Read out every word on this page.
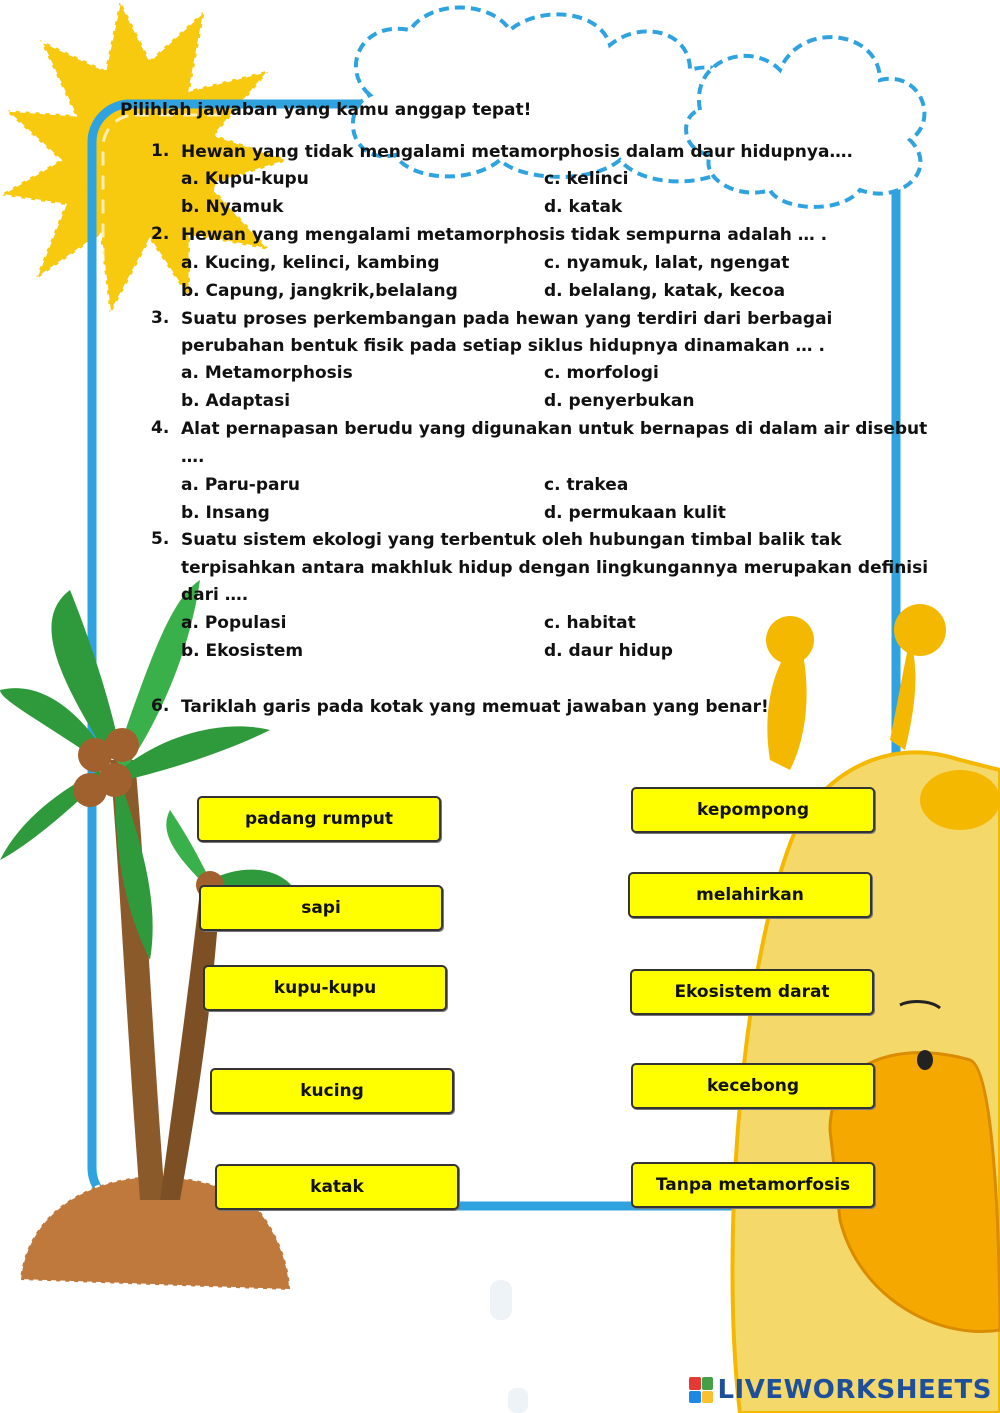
Pilihlah jawaban yang kamu anggap tepat!
1. Hewan yang tidak mengalami metamorphosis dalam daur hidupnya….
a. Kupu-kupu
b. Nyamuk
c. kelinci
d. katak
2. Hewan yang mengalami metamorphosis tidak sempurna adalah … .
a. Kucing, kelinci, kambing
b. Capung, jangkrik,belalang
c. nyamuk, lalat, ngengat
d. belalang, katak, kecoa
3. Suatu proses perkembangan pada hewan yang terdiri dari berbagai
perubahan bentuk fisik pada setiap siklus hidupnya dinamakan … .
a. Metamorphosis
b. Adaptasi
c. morfologi
d. penyerbukan
4. Alat pernapasan berudu yang digunakan untuk bernapas di dalam air disebut
….
a. Paru-paru
b. Insang
c. trakea
d. permukaan kulit
5. Suatu sistem ekologi yang terbentuk oleh hubungan timbal balik tak
terpisahkan antara makhluk hidup dengan lingkungannya merupakan definisi
dari ….
a. Populasi
b. Ekosistem
c. habitat
d. daur hidup
6. Tariklah garis pada kotak yang memuat jawaban yang benar!
padang rumput
sapi
kupu-kupu
kucing
katak
kepompong
melahirkan
Ekosistem darat
kecebong
Tanpa metamorfosis
LIVEWORKSHEETS
